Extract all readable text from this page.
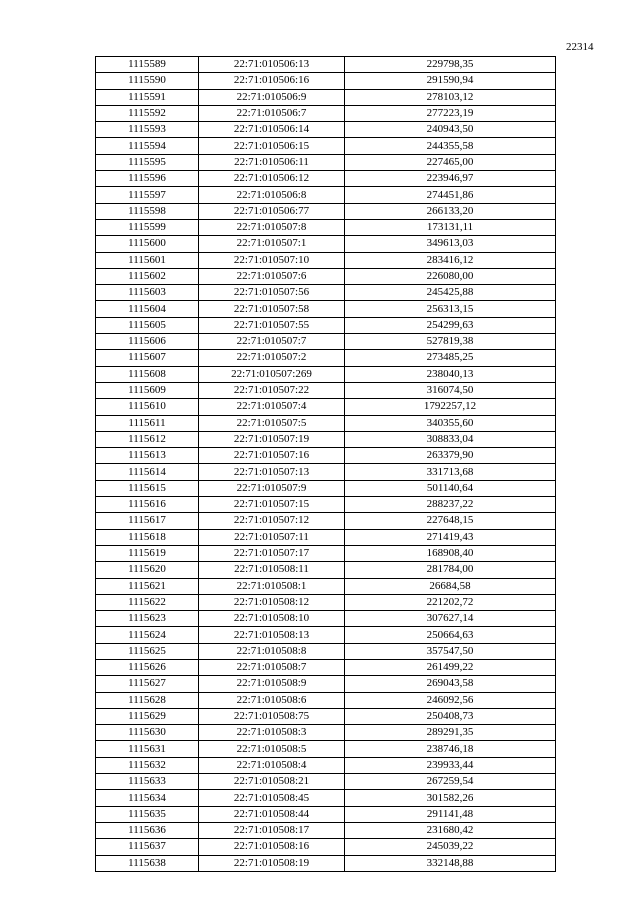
22314
1115589	22:71:010506:13	229798,35
1115590	22:71:010506:16	291590,94
1115591	22:71:010506:9	278103,12
1115592	22:71:010506:7	277223,19
1115593	22:71:010506:14	240943,50
1115594	22:71:010506:15	244355,58
1115595	22:71:010506:11	227465,00
1115596	22:71:010506:12	223946,97
1115597	22:71:010506:8	274451,86
1115598	22:71:010506:77	266133,20
1115599	22:71:010507:8	173131,11
1115600	22:71:010507:1	349613,03
1115601	22:71:010507:10	283416,12
1115602	22:71:010507:6	226080,00
1115603	22:71:010507:56	245425,88
1115604	22:71:010507:58	256313,15
1115605	22:71:010507:55	254299,63
1115606	22:71:010507:7	527819,38
1115607	22:71:010507:2	273485,25
1115608	22:71:010507:269	238040,13
1115609	22:71:010507:22	316074,50
1115610	22:71:010507:4	1792257,12
1115611	22:71:010507:5	340355,60
1115612	22:71:010507:19	308833,04
1115613	22:71:010507:16	263379,90
1115614	22:71:010507:13	331713,68
1115615	22:71:010507:9	501140,64
1115616	22:71:010507:15	288237,22
1115617	22:71:010507:12	227648,15
1115618	22:71:010507:11	271419,43
1115619	22:71:010507:17	168908,40
1115620	22:71:010508:11	281784,00
1115621	22:71:010508:1	26684,58
1115622	22:71:010508:12	221202,72
1115623	22:71:010508:10	307627,14
1115624	22:71:010508:13	250664,63
1115625	22:71:010508:8	357547,50
1115626	22:71:010508:7	261499,22
1115627	22:71:010508:9	269043,58
1115628	22:71:010508:6	246092,56
1115629	22:71:010508:75	250408,73
1115630	22:71:010508:3	289291,35
1115631	22:71:010508:5	238746,18
1115632	22:71:010508:4	239933,44
1115633	22:71:010508:21	267259,54
1115634	22:71:010508:45	301582,26
1115635	22:71:010508:44	291141,48
1115636	22:71:010508:17	231680,42
1115637	22:71:010508:16	245039,22
1115638	22:71:010508:19	332148,88
